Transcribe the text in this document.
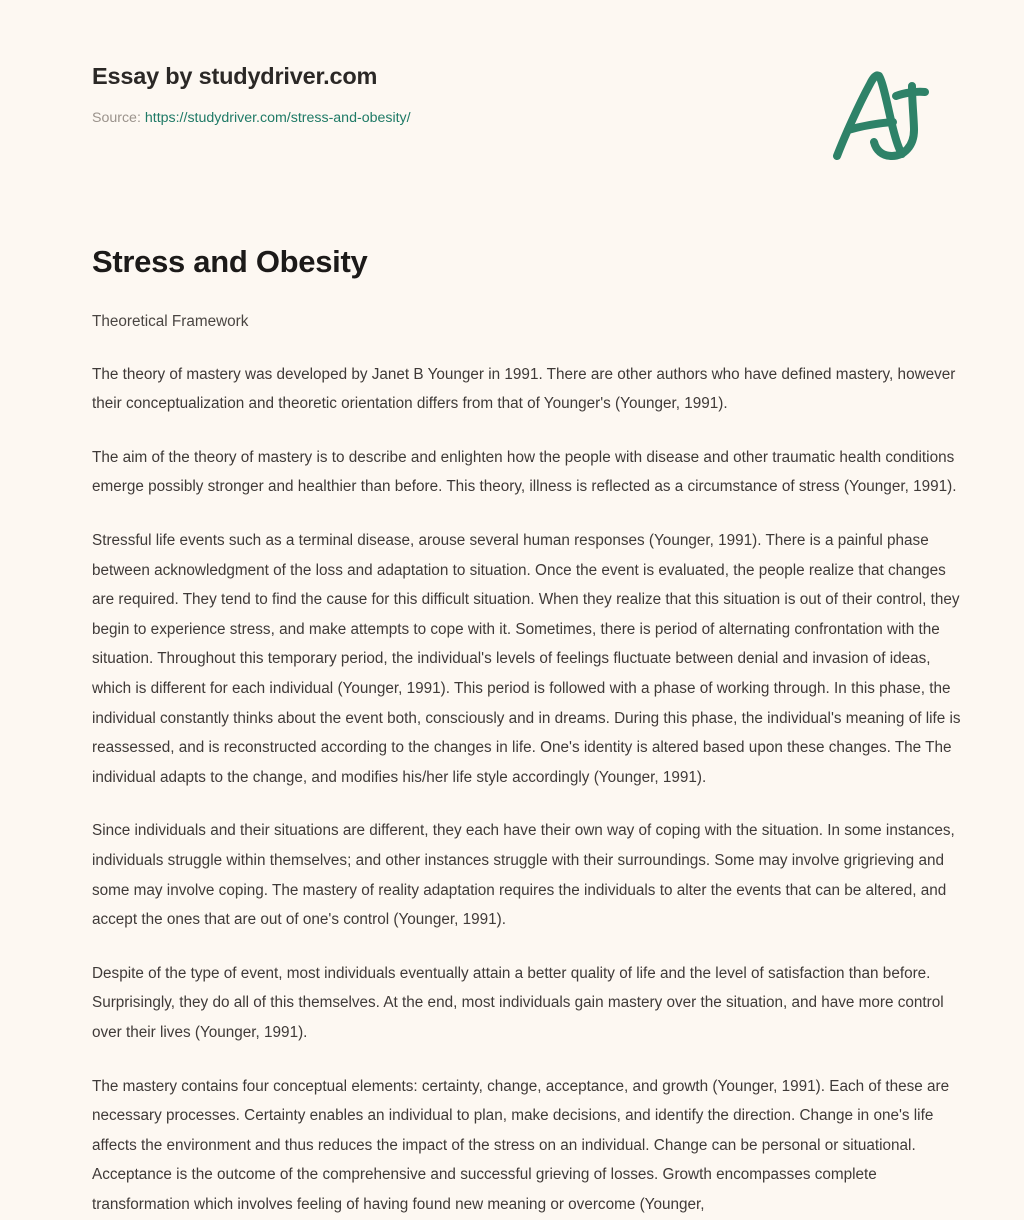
Essay by studydriver.com
Source: https://studydriver.com/stress-and-obesity/
Stress and Obesity
Theoretical Framework

The theory of mastery was developed by Janet B Younger in 1991. There are other authors who have defined mastery, however their conceptualization and theoretic orientation differs from that of Younger's (Younger, 1991).

The aim of the theory of mastery is to describe and enlighten how the people with disease and other traumatic health conditions emerge possibly stronger and healthier than before. This theory, illness is reflected as a circumstance of stress (Younger, 1991).

Stressful life events such as a terminal disease, arouse several human responses (Younger, 1991). There is a painful phase between acknowledgment of the loss and adaptation to situation. Once the event is evaluated, the people realize that changes are required. They tend to find the cause for this difficult situation. When they realize that this situation is out of their control, they begin to experience stress, and make attempts to cope with it. Sometimes, there is period of alternating confrontation with the situation. Throughout this temporary period, the individual's levels of feelings fluctuate between denial and invasion of ideas, which is different for each individual (Younger, 1991). This period is followed with a phase of working through. In this phase, the individual constantly thinks about the event both, consciously and in dreams. During this phase, the individual's meaning of life is reassessed, and is reconstructed according to the changes in life. One's identity is altered based upon these changes. The The individual adapts to the change, and modifies his/her life style accordingly (Younger, 1991).

Since individuals and their situations are different, they each have their own way of coping with the situation. In some instances, individuals struggle within themselves; and other instances struggle with their surroundings. Some may involve grigrieving and some may involve coping. The mastery of reality adaptation requires the individuals to alter the events that can be altered, and accept the ones that are out of one's control (Younger, 1991).

Despite of the type of event, most individuals eventually attain a better quality of life and the level of satisfaction than before. Surprisingly, they do all of this themselves. At the end, most individuals gain mastery over the situation, and have more control over their lives (Younger, 1991).

The mastery contains four conceptual elements: certainty, change, acceptance, and growth (Younger, 1991). Each of these are necessary processes. Certainty enables an individual to plan, make decisions, and identify the direction. Change in one's life affects the environment and thus reduces the impact of the stress on an individual. Change can be personal or situational. Acceptance is the outcome of the comprehensive and successful grieving of losses. Growth encompasses complete transformation which involves feeling of having found new meaning or overcome (Younger,
